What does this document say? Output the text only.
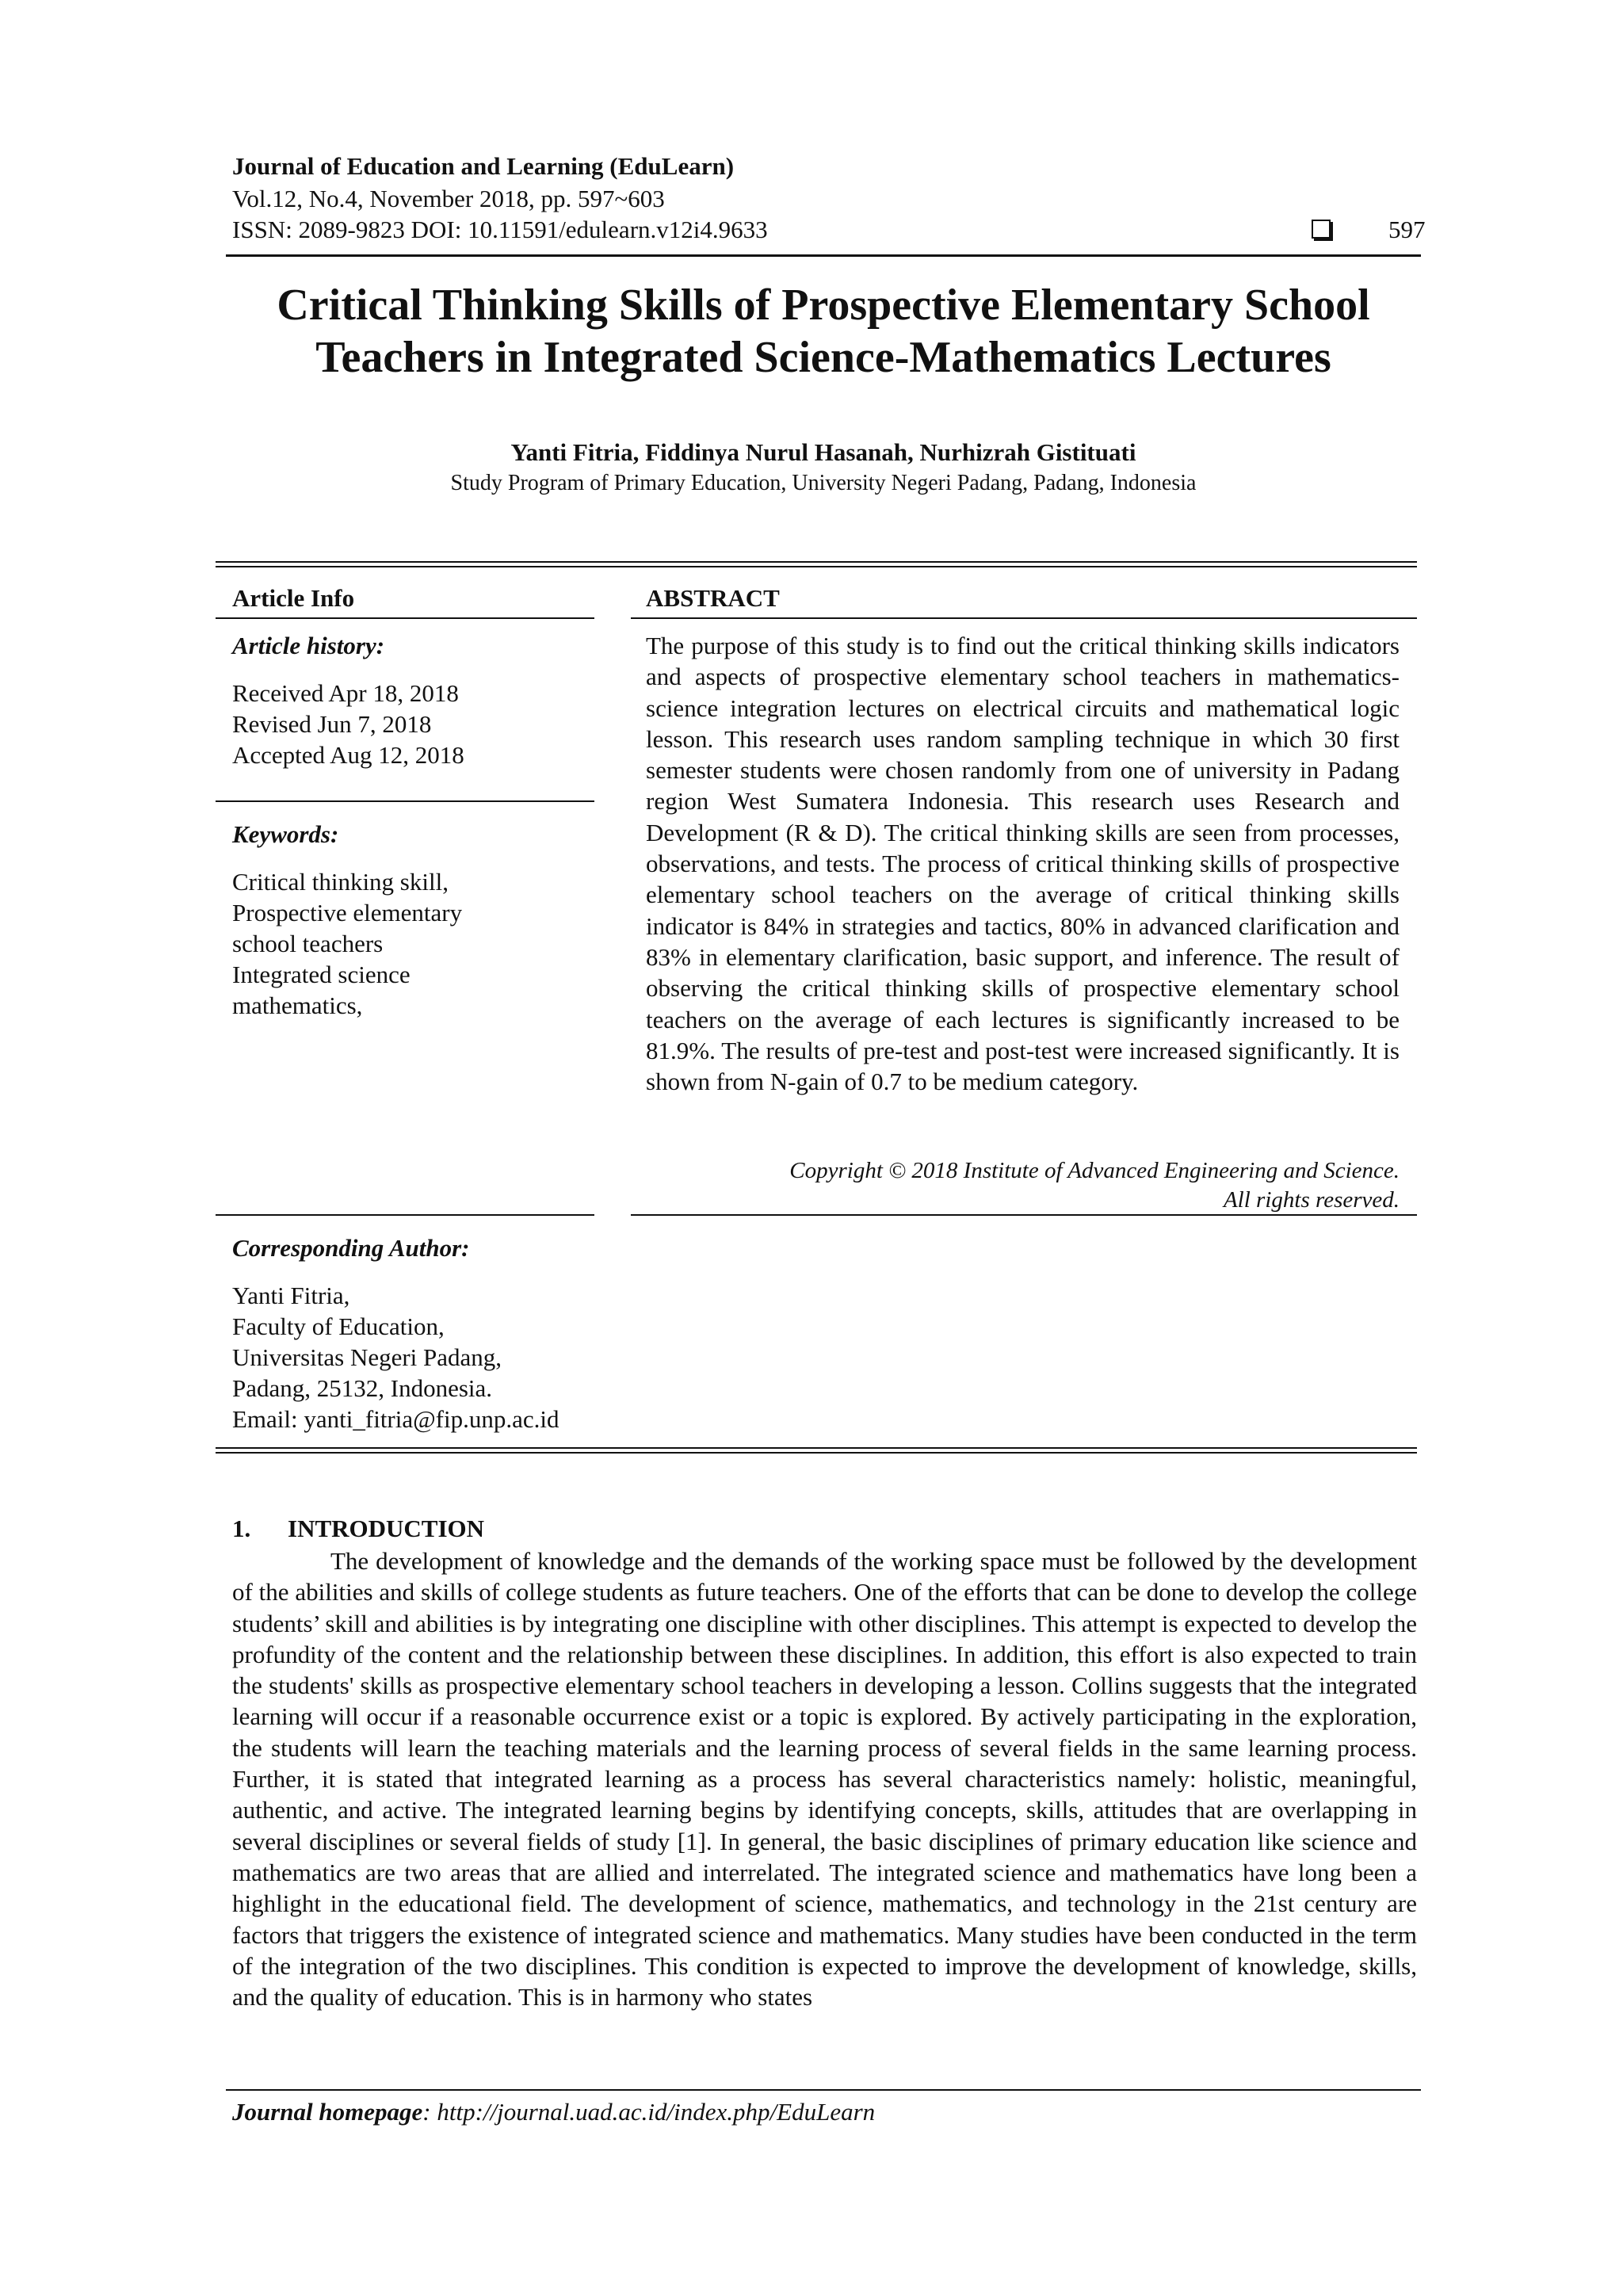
Journal of Education and Learning (EduLearn)
Vol.12, No.4, November 2018, pp. 597~603
ISSN: 2089-9823 DOI: 10.11591/edulearn.v12i4.9633	597
Critical Thinking Skills of Prospective Elementary School
Teachers in Integrated Science-Mathematics Lectures
Yanti Fitria, Fiddinya Nurul Hasanah, Nurhizrah Gistituati
Study Program of Primary Education, University Negeri Padang, Padang, Indonesia
Article Info
Article history:
Received Apr 18, 2018
Revised Jun 7, 2018
Accepted Aug 12, 2018
Keywords:
Critical thinking skill,
Prospective elementary
school teachers
Integrated science
mathematics,
Corresponding Author:
Yanti Fitria,
Faculty of Education,
Universitas Negeri Padang,
Padang, 25132, Indonesia.
Email: yanti_fitria@fip.unp.ac.id
ABSTRACT
The purpose of this study is to find out the critical thinking skills indicators and aspects of prospective elementary school teachers in mathematics-science integration lectures on electrical circuits and mathematical logic lesson. This research uses random sampling technique in which 30 first semester students were chosen randomly from one of university in Padang region West Sumatera Indonesia. This research uses Research and Development (R & D). The critical thinking skills are seen from processes, observations, and tests. The process of critical thinking skills of prospective elementary school teachers on the average of critical thinking skills indicator is 84% in strategies and tactics, 80% in advanced clarification and 83% in elementary clarification, basic support, and inference. The result of observing the critical thinking skills of prospective elementary school teachers on the average of each lectures is significantly increased to be 81.9%. The results of pre-test and post-test were increased significantly. It is shown from N-gain of 0.7 to be medium category.
Copyright © 2018 Institute of Advanced Engineering and Science.
All rights reserved.
1. INTRODUCTION
The development of knowledge and the demands of the working space must be followed by the development of the abilities and skills of college students as future teachers. One of the efforts that can be done to develop the college students’ skill and abilities is by integrating one discipline with other disciplines. This attempt is expected to develop the profundity of the content and the relationship between these disciplines. In addition, this effort is also expected to train the students' skills as prospective elementary school teachers in developing a lesson. Collins suggests that the integrated learning will occur if a reasonable occurrence exist or a topic is explored. By actively participating in the exploration, the students will learn the teaching materials and the learning process of several fields in the same learning process. Further, it is stated that integrated learning as a process has several characteristics namely: holistic, meaningful, authentic, and active. The integrated learning begins by identifying concepts, skills, attitudes that are overlapping in several disciplines or several fields of study [1]. In general, the basic disciplines of primary education like science and mathematics are two areas that are allied and interrelated. The integrated science and mathematics have long been a highlight in the educational field. The development of science, mathematics, and technology in the 21st century are factors that triggers the existence of integrated science and mathematics. Many studies have been conducted in the term of the integration of the two disciplines. This condition is expected to improve the development of knowledge, skills, and the quality of education. This is in harmony who states
Journal homepage: http://journal.uad.ac.id/index.php/EduLearn
